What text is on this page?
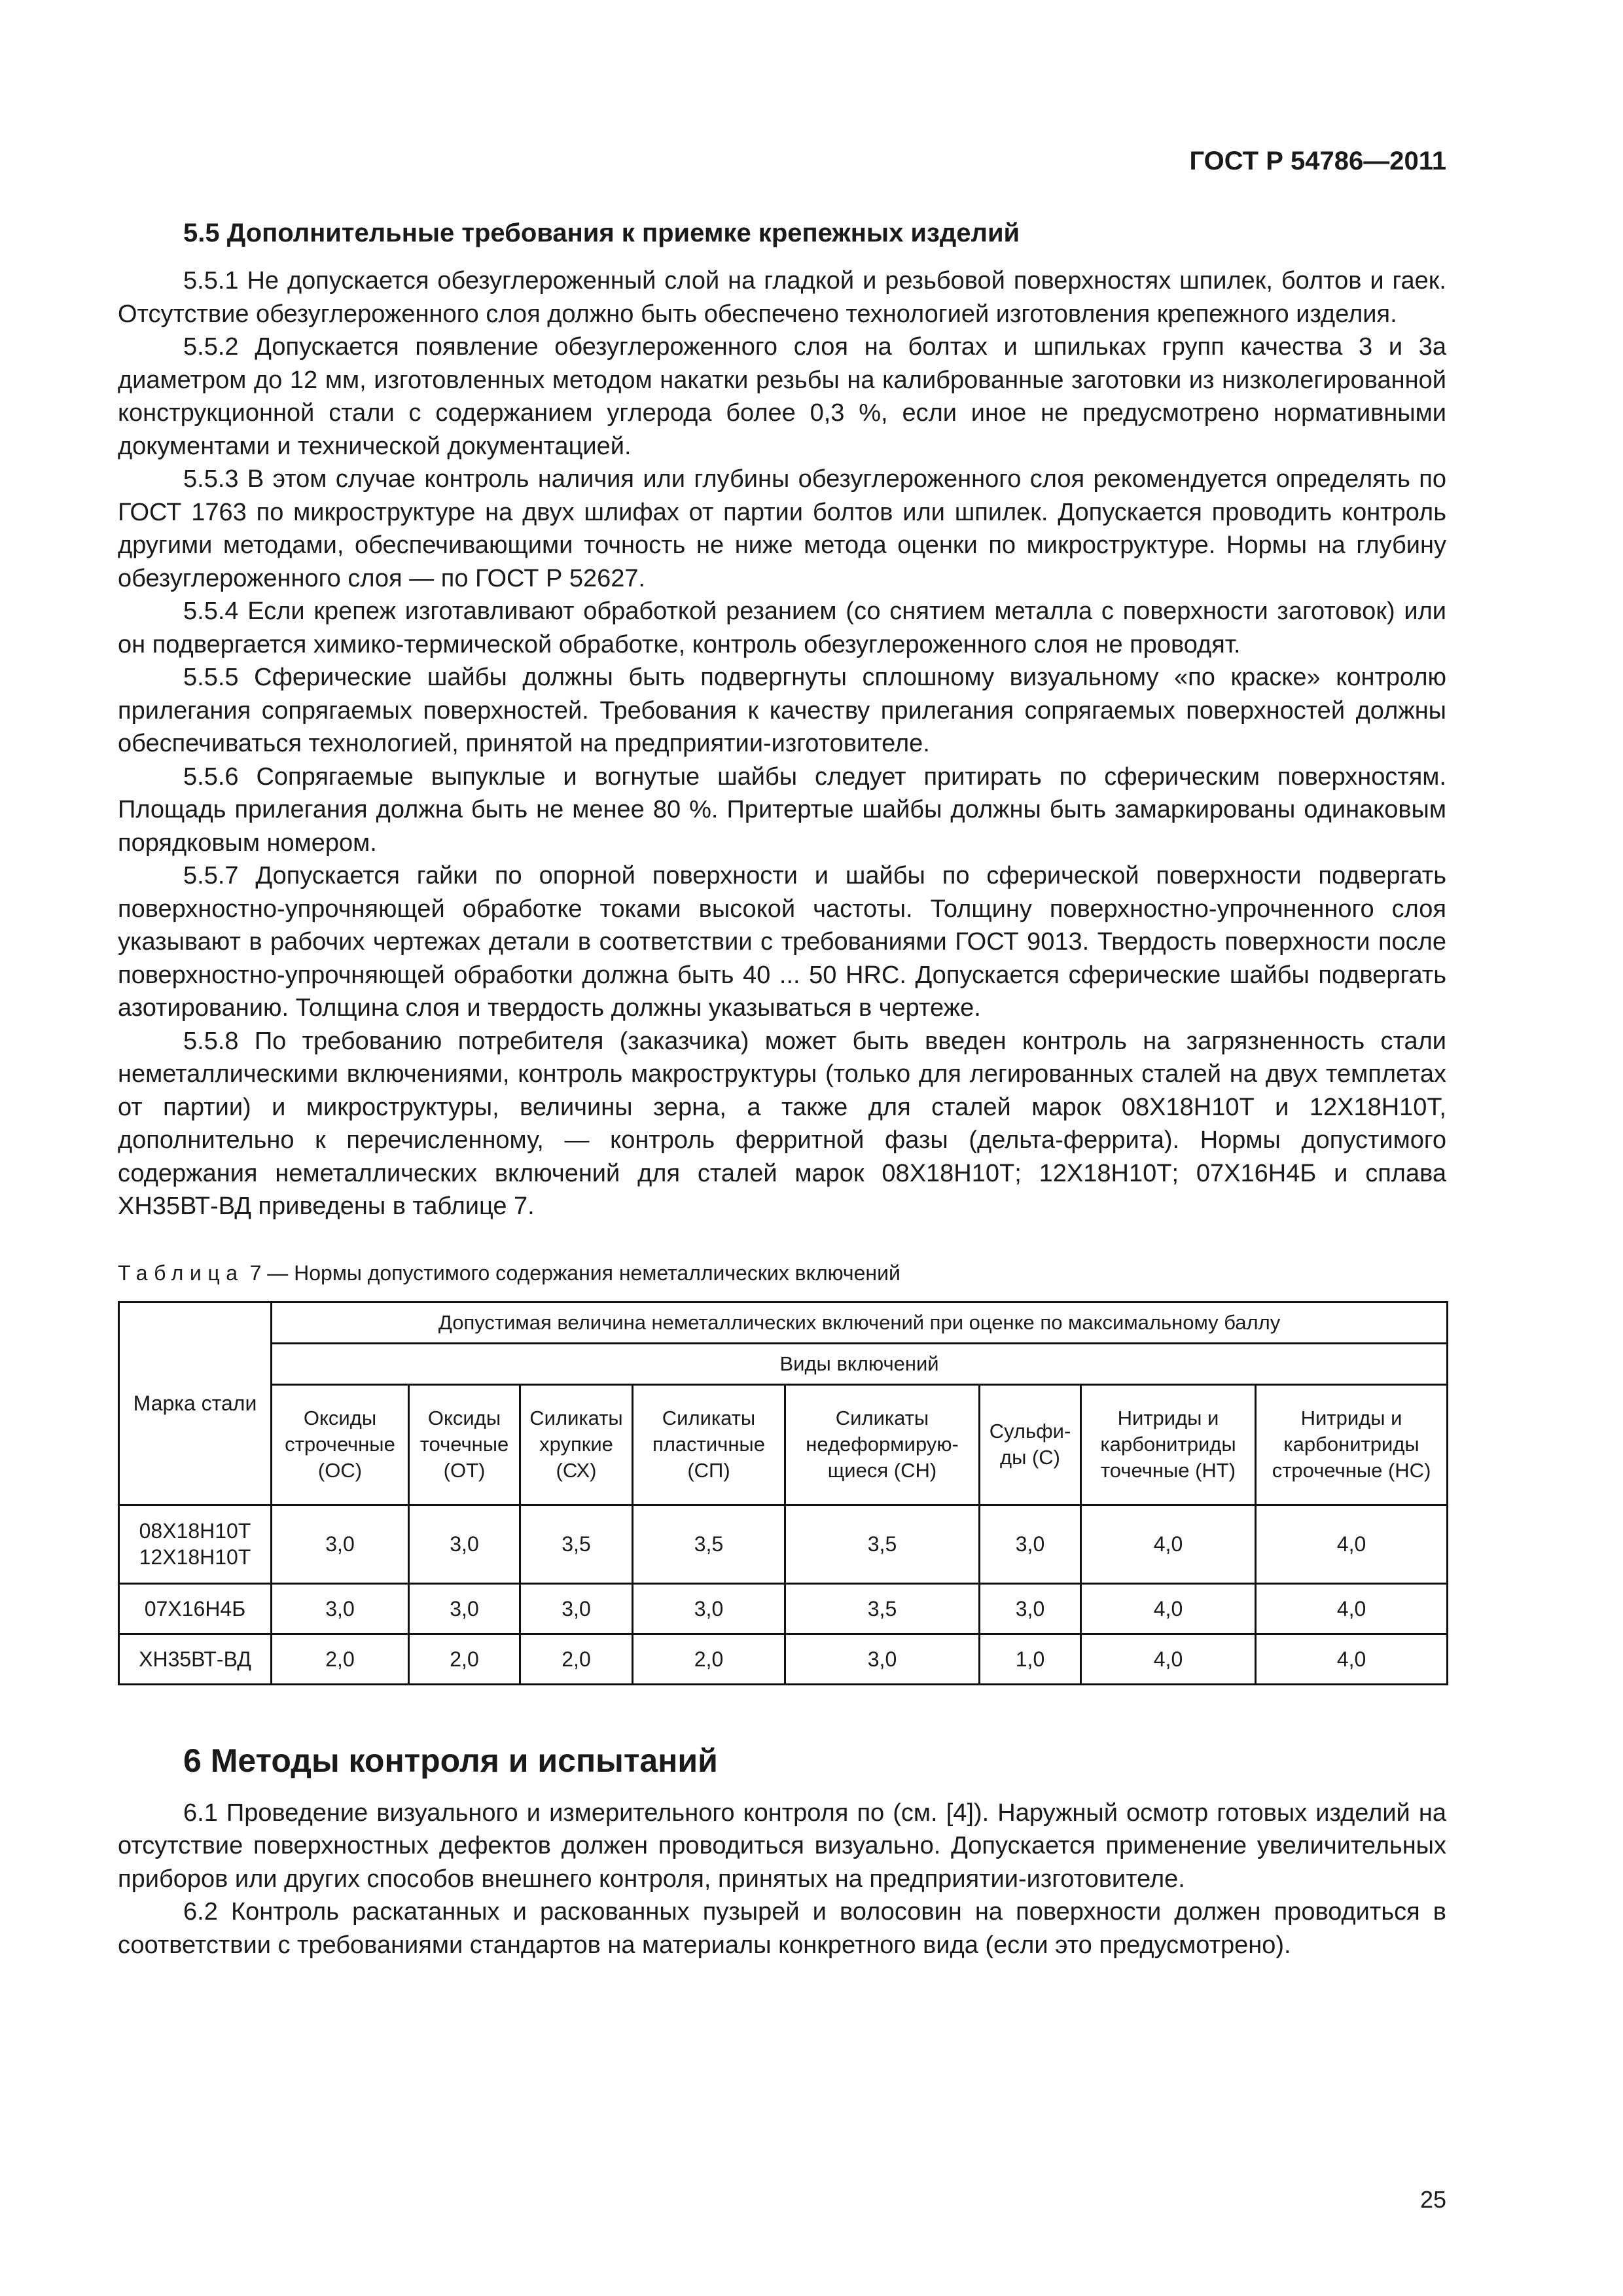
ГОСТ Р 54786—2011
5.5 Дополнительные требования к приемке крепежных изделий

5.5.1 Не допускается обезуглероженный слой на гладкой и резьбовой поверхностях шпилек, болтов и гаек. Отсутствие обезуглероженного слоя должно быть обеспечено технологией изготовления крепежного изделия.

5.5.2 Допускается появление обезуглероженного слоя на болтах и шпильках групп качества 3 и 3а диаметром до 12 мм, изготовленных методом накатки резьбы на калиброванные заготовки из низколегированной конструкционной стали с содержанием углерода более 0,3 %, если иное не предусмотрено нормативными документами и технической документацией.

5.5.3 В этом случае контроль наличия или глубины обезуглероженного слоя рекомендуется определять по ГОСТ 1763 по микроструктуре на двух шлифах от партии болтов или шпилек. Допускается проводить контроль другими методами, обеспечивающими точность не ниже метода оценки по микроструктуре. Нормы на глубину обезуглероженного слоя — по ГОСТ Р 52627.

5.5.4 Если крепеж изготавливают обработкой резанием (со снятием металла с поверхности заготовок) или он подвергается химико-термической обработке, контроль обезуглероженного слоя не проводят.

5.5.5 Сферические шайбы должны быть подвергнуты сплошному визуальному «по краске» контролю прилегания сопрягаемых поверхностей. Требования к качеству прилегания сопрягаемых поверхностей должны обеспечиваться технологией, принятой на предприятии-изготовителе.

5.5.6 Сопрягаемые выпуклые и вогнутые шайбы следует притирать по сферическим поверхностям. Площадь прилегания должна быть не менее 80 %. Притертые шайбы должны быть замаркированы одинаковым порядковым номером.

5.5.7 Допускается гайки по опорной поверхности и шайбы по сферической поверхности подвергать поверхностно-упрочняющей обработке токами высокой частоты. Толщину поверхностно-упрочненного слоя указывают в рабочих чертежах детали в соответствии с требованиями ГОСТ 9013. Твердость поверхности после поверхностно-упрочняющей обработки должна быть 40 ... 50 HRC. Допускается сферические шайбы подвергать азотированию. Толщина слоя и твердость должны указываться в чертеже.

5.5.8 По требованию потребителя (заказчика) может быть введен контроль на загрязненность стали неметаллическими включениями, контроль макроструктуры (только для легированных сталей на двух темплетах от партии) и микроструктуры, величины зерна, а также для сталей марок 08Х18Н10Т и 12Х18Н10Т, дополнительно к перечисленному, — контроль ферритной фазы (дельта-феррита). Нормы допустимого содержания неметаллических включений для сталей марок 08Х18Н10Т; 12Х18Н10Т; 07Х16Н4Б и сплава ХН35ВТ-ВД приведены в таблице 7.

Таблица 7 — Нормы допустимого содержания неметаллических включений
Марка стали	Допустимая величина неметаллических включений при оценке по максимальному баллу							
	Виды включений							
	Оксиды строчечные (ОС)	Оксиды точечные (ОТ)	Силикаты хрупкие (СХ)	Силикаты пластичные (СП)	Силикаты недеформирую-щиеся (СН)	Сульфи-ды (С)	Нитриды и карбонитриды точечные (НТ)	Нитриды и карбонитриды строчечные (НС)
08Х18Н10Т 12Х18Н10Т	3,0	3,0	3,5	3,5	3,5	3,0	4,0	4,0
07Х16Н4Б	3,0	3,0	3,0	3,0	3,5	3,0	4,0	4,0
ХН35ВТ-ВД	2,0	2,0	2,0	2,0	3,0	1,0	4,0	4,0
6 Методы контроля и испытаний

6.1 Проведение визуального и измерительного контроля по (см. [4]). Наружный осмотр готовых изделий на отсутствие поверхностных дефектов должен проводиться визуально. Допускается применение увеличительных приборов или других способов внешнего контроля, принятых на предприятии-изготовителе.

6.2 Контроль раскатанных и раскованных пузырей и волосовин на поверхности должен проводиться в соответствии с требованиями стандартов на материалы конкретного вида (если это предусмотрено).

25
